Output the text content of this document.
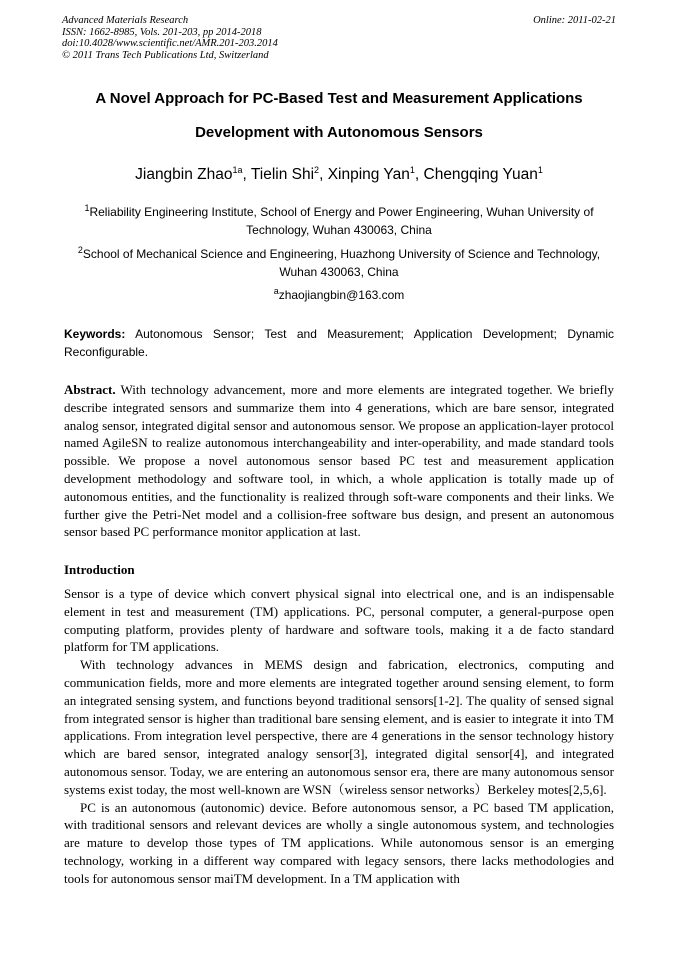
Advanced Materials Research	Online: 2011-02-21
ISSN: 1662-8985, Vols. 201-203, pp 2014-2018
doi:10.4028/www.scientific.net/AMR.201-203.2014
© 2011 Trans Tech Publications Ltd, Switzerland
A Novel Approach for PC-Based Test and Measurement Applications
Development with Autonomous Sensors
Jiangbin Zhao$^{1a}$, Tielin Shi$^2$, Xinping Yan$^1$, Chengqing Yuan$^1$
$^1$Reliability Engineering Institute, School of Energy and Power Engineering, Wuhan University of Technology, Wuhan 430063, China
$^2$School of Mechanical Science and Engineering, Huazhong University of Science and Technology, Wuhan 430063, China
$^a$zhaojiangbin@163.com
Keywords: Autonomous Sensor; Test and Measurement; Application Development; Dynamic Reconfigurable.
Abstract. With technology advancement, more and more elements are integrated together. We briefly describe integrated sensors and summarize them into 4 generations, which are bare sensor, integrated analog sensor, integrated digital sensor and autonomous sensor. We propose an application-layer protocol named AgileSN to realize autonomous interchangeability and inter-operability, and made standard tools possible. We propose a novel autonomous sensor based PC test and measurement application development methodology and software tool, in which, a whole application is totally made up of autonomous entities, and the functionality is realized through soft-ware components and their links. We further give the Petri-Net model and a collision-free software bus design, and present an autonomous sensor based PC performance monitor application at last.
Introduction

Sensor is a type of device which convert physical signal into electrical one, and is an indispensable element in test and measurement (TM) applications. PC, personal computer, a general-purpose open computing platform, provides plenty of hardware and software tools, making it a de facto standard platform for TM applications.

With technology advances in MEMS design and fabrication, electronics, computing and communication fields, more and more elements are integrated together around sensing element, to form an integrated sensing system, and functions beyond traditional sensors[1-2]. The quality of sensed signal from integrated sensor is higher than traditional bare sensing element, and is easier to integrate it into TM applications. From integration level perspective, there are 4 generations in the sensor technology history which are bared sensor, integrated analogy sensor[3], integrated digital sensor[4], and integrated autonomous sensor. Today, we are entering an autonomous sensor era, there are many autonomous sensor systems exist today, the most well-known are WSN（wireless sensor networks）Berkeley motes[2,5,6].

PC is an autonomous (autonomic) device. Before autonomous sensor, a PC based TM application, with traditional sensors and relevant devices are wholly a single autonomous system, and technologies are mature to develop those types of TM applications. While autonomous sensor is an emerging technology, working in a different way compared with legacy sensors, there lacks methodologies and tools for autonomous sensor maiTM development. In a TM application with
